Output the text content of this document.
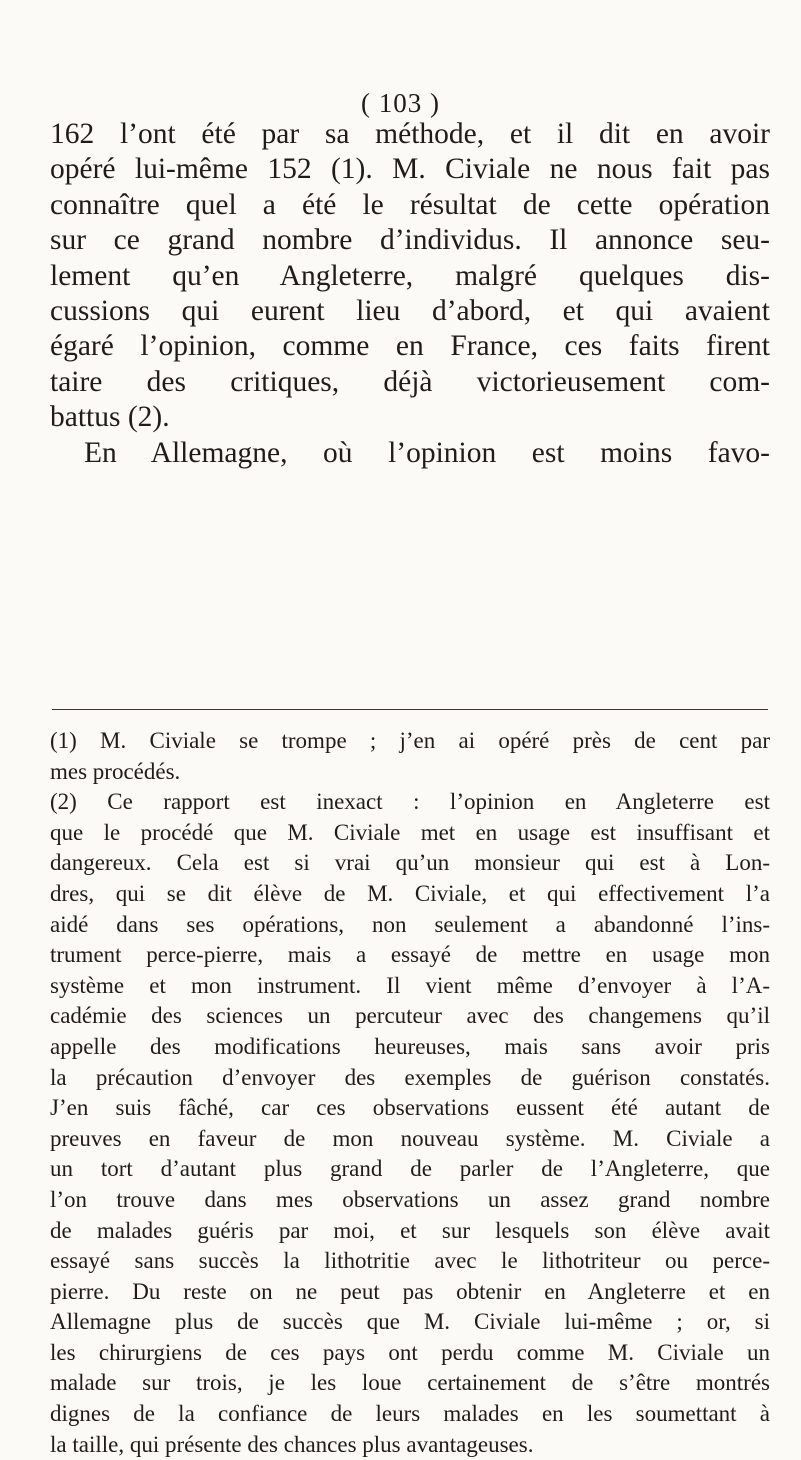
( 103 )
162 l’ont été par sa méthode, et il dit en avoir
opéré lui-même 152 (1). M. Civiale ne nous fait pas
connaître quel a été le résultat de cette opération
sur ce grand nombre d’individus. Il annonce seu-
lement qu’en Angleterre, malgré quelques dis-
cussions qui eurent lieu d’abord, et qui avaient
égaré l’opinion, comme en France, ces faits firent
taire des critiques, déjà victorieusement com-
battus (2).
En Allemagne, où l’opinion est moins favo-
(1) M. Civiale se trompe ; j’en ai opéré près de cent par
mes procédés.
(2) Ce rapport est inexact : l’opinion en Angleterre est
que le procédé que M. Civiale met en usage est insuffisant et
dangereux. Cela est si vrai qu’un monsieur qui est à Lon-
dres, qui se dit élève de M. Civiale, et qui effectivement l’a
aidé dans ses opérations, non seulement a abandonné l’ins-
trument perce-pierre, mais a essayé de mettre en usage mon
système et mon instrument. Il vient même d’envoyer à l’A-
cadémie des sciences un percuteur avec des changemens qu’il
appelle des modifications heureuses, mais sans avoir pris
la précaution d’envoyer des exemples de guérison constatés.
J’en suis fâché, car ces observations eussent été autant de
preuves en faveur de mon nouveau système. M. Civiale a
un tort d’autant plus grand de parler de l’Angleterre, que
l’on trouve dans mes observations un assez grand nombre
de malades guéris par moi, et sur lesquels son élève avait
essayé sans succès la lithotritie avec le lithotriteur ou perce-
pierre. Du reste on ne peut pas obtenir en Angleterre et en
Allemagne plus de succès que M. Civiale lui-même ; or, si
les chirurgiens de ces pays ont perdu comme M. Civiale un
malade sur trois, je les loue certainement de s’être montrés
dignes de la confiance de leurs malades en les soumettant à
la taille, qui présente des chances plus avantageuses.
